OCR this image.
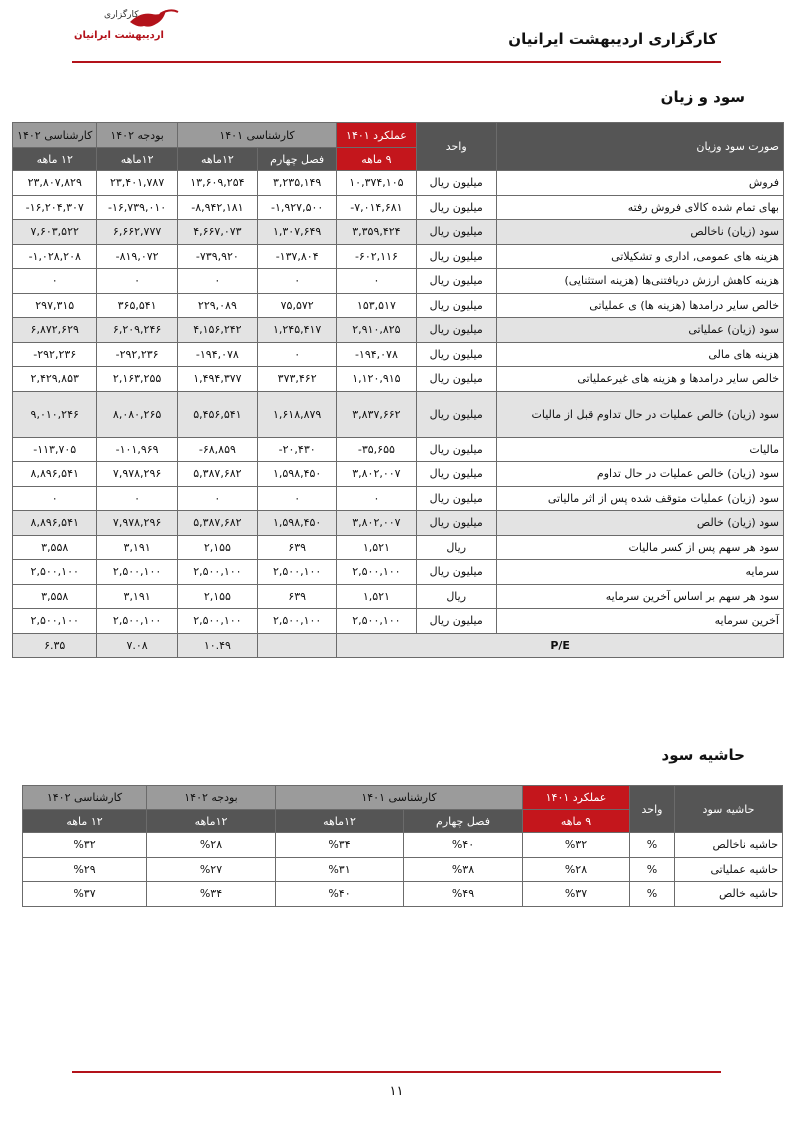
کارگزاری
اردیبهشت ایرانیان	کارگزاری اردیبهشت ایرانیان
سود و زیان
صورت سود وزیان	واحد	عملکرد ۱۴۰۱	کارشناسی ۱۴۰۱		بودجه ۱۴۰۲	کارشناسی ۱۴۰۲
		۹ ماهه	فصل چهارم	۱۲ماهه	۱۲ماهه	۱۲ ماهه
فروش	میلیون ریال	۱۰,۳۷۴,۱۰۵	۳,۲۳۵,۱۴۹	۱۳,۶۰۹,۲۵۴	۲۳,۴۰۱,۷۸۷	۲۳,۸۰۷,۸۲۹
بهای تمام شده کالای فروش رفته	میلیون ریال	-۷,۰۱۴,۶۸۱	-۱,۹۲۷,۵۰۰	-۸,۹۴۲,۱۸۱	-۱۶,۷۳۹,۰۱۰	-۱۶,۲۰۴,۳۰۷
سود (زیان) ناخالص	میلیون ریال	۳,۳۵۹,۴۲۴	۱,۳۰۷,۶۴۹	۴,۶۶۷,۰۷۳	۶,۶۶۲,۷۷۷	۷,۶۰۳,۵۲۲
هزینه های عمومی, اداری و تشکیلاتی	میلیون ریال	-۶۰۲,۱۱۶	-۱۳۷,۸۰۴	-۷۳۹,۹۲۰	-۸۱۹,۰۷۲	-۱,۰۲۸,۲۰۸
هزینه کاهش ارزش دریافتنی‌ها (هزینه استثنایی)	میلیون ریال	۰	۰	۰	۰	۰
خالص سایر درامدها (هزینه ها) ی عملیاتی	میلیون ریال	۱۵۳,۵۱۷	۷۵,۵۷۲	۲۲۹,۰۸۹	۳۶۵,۵۴۱	۲۹۷,۳۱۵
سود (زیان) عملیاتی	میلیون ریال	۲,۹۱۰,۸۲۵	۱,۲۴۵,۴۱۷	۴,۱۵۶,۲۴۲	۶,۲۰۹,۲۴۶	۶,۸۷۲,۶۲۹
هزینه های مالی	میلیون ریال	-۱۹۴,۰۷۸	۰	-۱۹۴,۰۷۸	-۲۹۲,۲۳۶	-۲۹۲,۲۳۶
خالص سایر درامدها و هزینه های غیرعملیاتی	میلیون ریال	۱,۱۲۰,۹۱۵	۳۷۳,۴۶۲	۱,۴۹۴,۳۷۷	۲,۱۶۳,۲۵۵	۲,۴۲۹,۸۵۳
سود (زیان) خالص عملیات در حال تداوم قبل از مالیات	میلیون ریال	۳,۸۳۷,۶۶۲	۱,۶۱۸,۸۷۹	۵,۴۵۶,۵۴۱	۸,۰۸۰,۲۶۵	۹,۰۱۰,۲۴۶
مالیات	میلیون ریال	-۳۵,۶۵۵	-۲۰,۴۳۰	-۶۸,۸۵۹	-۱۰۱,۹۶۹	-۱۱۳,۷۰۵
سود (زیان) خالص عملیات در حال تداوم	میلیون ریال	۳,۸۰۲,۰۰۷	۱,۵۹۸,۴۵۰	۵,۳۸۷,۶۸۲	۷,۹۷۸,۲۹۶	۸,۸۹۶,۵۴۱
سود (زیان) عملیات متوقف شده پس از اثر مالیاتی	میلیون ریال	۰	۰	۰	۰	۰
سود (زیان) خالص	میلیون ریال	۳,۸۰۲,۰۰۷	۱,۵۹۸,۴۵۰	۵,۳۸۷,۶۸۲	۷,۹۷۸,۲۹۶	۸,۸۹۶,۵۴۱
سود هر سهم پس از کسر مالیات	ریال	۱,۵۲۱	۶۳۹	۲,۱۵۵	۳,۱۹۱	۳,۵۵۸
سرمایه	میلیون ریال	۲,۵۰۰,۱۰۰	۲,۵۰۰,۱۰۰	۲,۵۰۰,۱۰۰	۲,۵۰۰,۱۰۰	۲,۵۰۰,۱۰۰
سود هر سهم بر اساس آخرین سرمایه	ریال	۱,۵۲۱	۶۳۹	۲,۱۵۵	۳,۱۹۱	۳,۵۵۸
آخرین سرمایه	میلیون ریال	۲,۵۰۰,۱۰۰	۲,۵۰۰,۱۰۰	۲,۵۰۰,۱۰۰	۲,۵۰۰,۱۰۰	۲,۵۰۰,۱۰۰
P/E				۱۰.۴۹	۷.۰۸	۶.۳۵
حاشیه سود
حاشیه سود	واحد	عملکرد ۱۴۰۱	کارشناسی ۱۴۰۱		بودجه ۱۴۰۲	کارشناسی ۱۴۰۲
		۹ ماهه	فصل چهارم	۱۲ماهه	۱۲ماهه	۱۲ ماهه
حاشیه ناخالص	%	%۳۲	%۴۰	%۳۴	%۲۸	%۳۲
حاشیه عملیاتی	%	%۲۸	%۳۸	%۳۱	%۲۷	%۲۹
حاشیه خالص	%	%۳۷	%۴۹	%۴۰	%۳۴	%۳۷
۱۱
